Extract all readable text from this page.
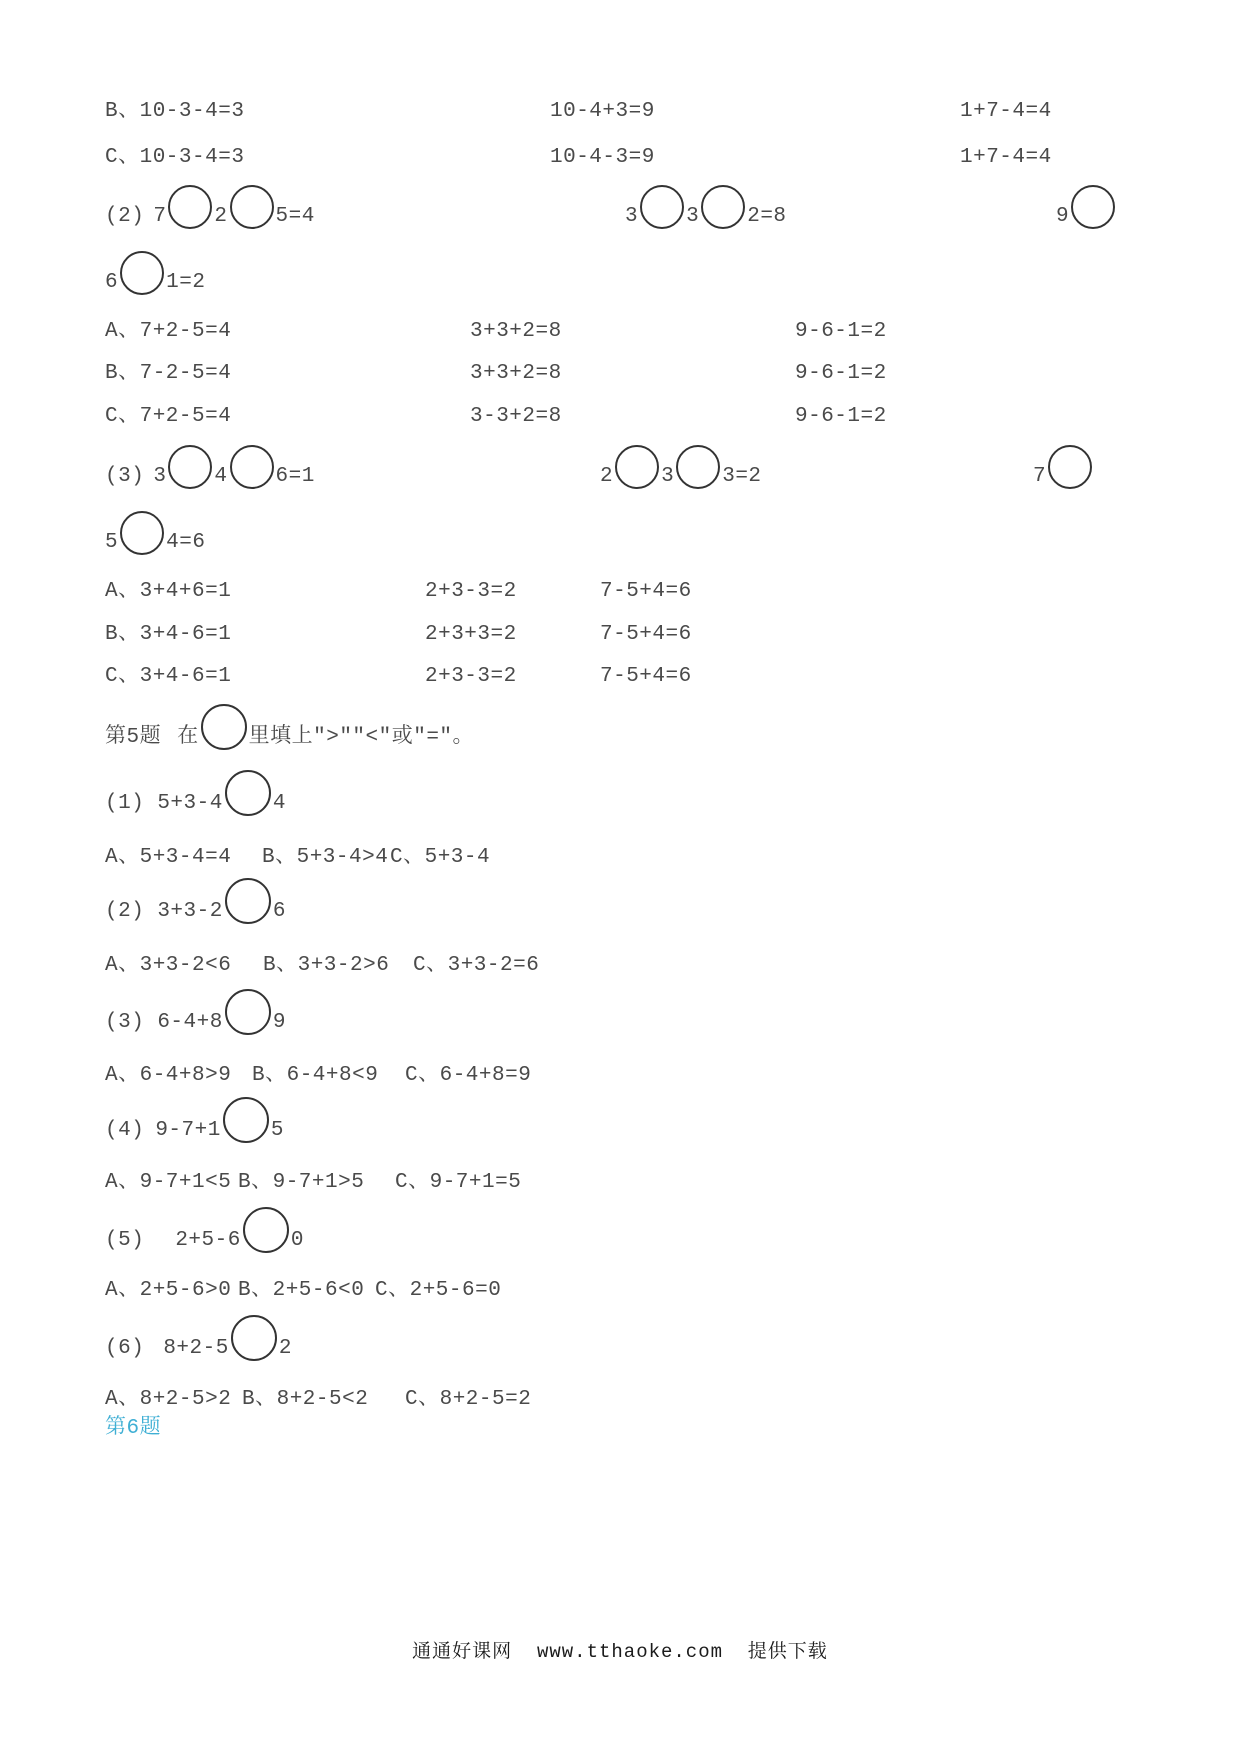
B、10-3-4=3	10-4+3=9	1+7-4=4
C、10-3-4=3	10-4-3=9	1+7-4=4
(2) 7 2 5=4	3 3 2=8	9
6 1=2
A、7+2-5=4	3+3+2=8	9-6-1=2
B、7-2-5=4	3+3+2=8	9-6-1=2
C、7+2-5=4	3-3+2=8	9-6-1=2
(3) 3 4 6=1	2 3 3=2	7
5 4=6
A、3+4+6=1	2+3-3=2	7-5+4=6
B、3+4-6=1	2+3+3=2	7-5+4=6
C、3+4-6=1	2+3-3=2	7-5+4=6
第5题 在 里填上″>″″<″或″=″。
(1) 5+3-4 4
A、5+3-4=4 B、5+3-4>4 C、5+3-4
(2) 3+3-2 6
A、3+3-2<6 B、3+3-2>6 C、3+3-2=6
(3) 6-4+8 9
A、6-4+8>9 B、6-4+8<9 C、6-4+8=9
(4) 9-7+1 5
A、9-7+1<5 B、9-7+1>5 C、9-7+1=5
(5) 2+5-6 0
A、2+5-6>0 B、2+5-6<0 C、2+5-6=0
(6) 8+2-5 2
A、8+2-5>2 B、8+2-5<2 C、8+2-5=2
第6题
通通好课网  www.tthaoke.com  提供下载
